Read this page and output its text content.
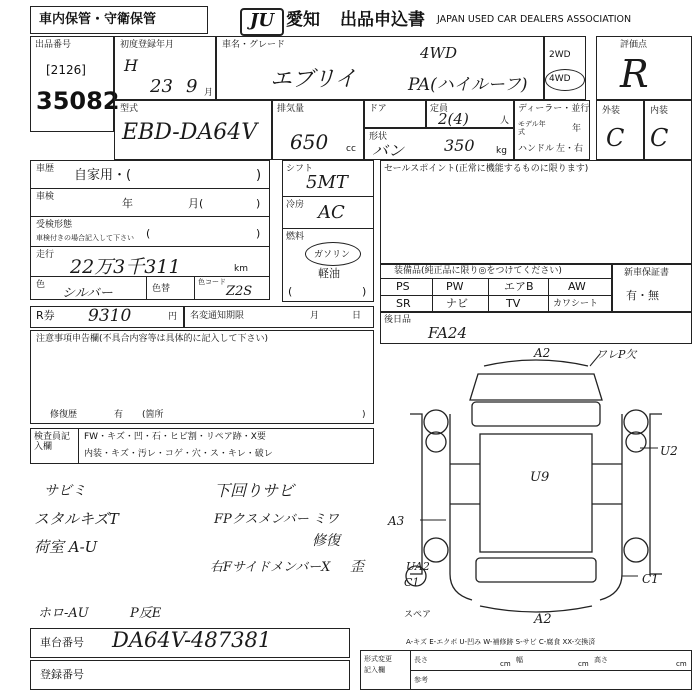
車内保管・守衛保管	JU 愛知 出品申込書 JAPAN USED CAR DEALERS ASSOCIATION
出品番号
[2126]
35082
初度登録年月
H
23 9 月
車名・グレード	4WD
エブリイ	PA(ハイルーフ)
2WD
4WD
評価点
R
型式
EBD-DA64V
排気量
650 cc
ドア	定員
2(4)	人
形状
バン 350 kg
ディーラー・並行
モデル年式	年
ハンドル 左・右
外装
C
内装
C
車歴 自家用・(	)
車検	年	月(	)
受検形態
車検付きの場合記入して下さい (	)
走行
22万3千311	km
色
シルバー	色替
色コード
Z2S
シフト
5MT
冷房 AC
燃料
ガソリン
軽油
(	)
セールスポイント(正常に機能するものに限ります)
装備品(純正品に限り◎をつけてください)
PS	PW	エアB	AW
SR	ナビ	TV	カワシート
新車保証書
有・無
R券 9310	円 名変通知期限	月	日	後日品
FA24
注意事項申告欄(不具合内容等は具体的に記入して下さい)
修復歴	有 (箇所	)
検査員記入欄
FW・キズ・凹・石・ヒビ割・リペア跡・X要
内装・キズ・汚レ・コゲ・穴・ス・キレ・破レ
サビミ
スタルキズT
荷室 A-U
ホロ-AU	P反E
下回りサビ
FPクスメンバー ミワ
修復
右FサイドメンバーX 歪
A2	ワレP欠
U2
U9
A3
UA2
C1	C1
スペア	A2
A-キズ E-エクボ U-凹み W-補修跡 S-サビ C-腐食 XX-交換済
車台番号 DA64V-487381
登録番号
形式変更
記入欄
長さ	cm 幅	cm 高さ	cm
参考
